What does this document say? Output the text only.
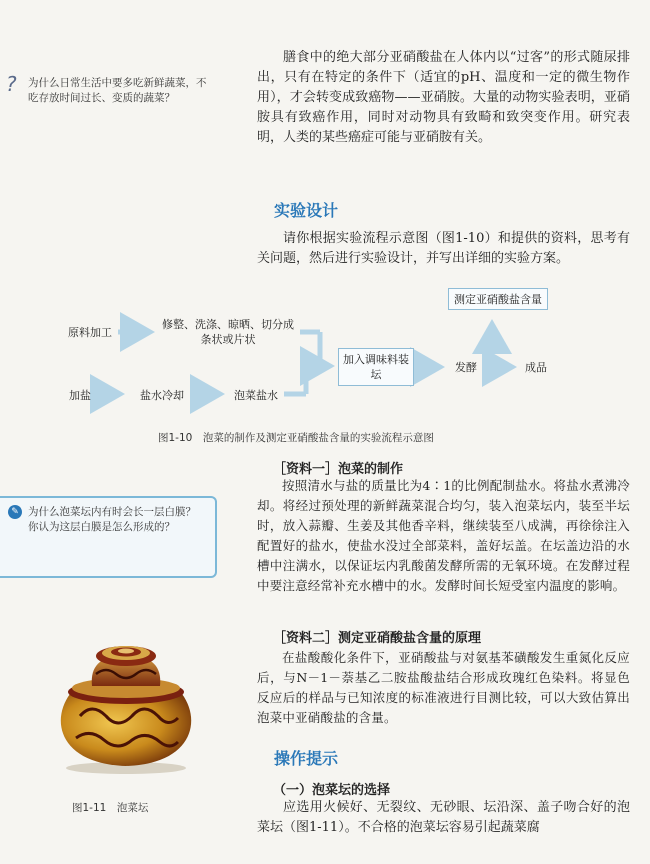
? 为什么日常生活中要多吃新鲜蔬菜，不吃存放时间过长、变质的蔬菜？
膳食中的绝大部分亚硝酸盐在人体内以“过客”的形式随尿排出，只有在特定的条件下（适宜的pH、温度和一定的微生物作用），才会转变成致癌物——亚硝胺。大量的动物实验表明，亚硝胺具有致癌作用，同时对动物具有致畸和致突变作用。研究表明，人类的某些癌症可能与亚硝胺有关。
实验设计
请你根据实验流程示意图（图1-10）和提供的资料，思考有关问题，然后进行实验设计，并写出详细的实验方案。
原料加工
修整、洗涤、晾晒、切分成条状或片状
加盐	盐水冷却	泡菜盐水
加入调味料装坛
发酵	成品
测定亚硝酸盐含量
图1-10　泡菜的制作及测定亚硝酸盐含量的实验流程示意图
✎ 为什么泡菜坛内有时会长一层白膜？你认为这层白膜是怎么形成的？
［资料一］泡菜的制作
按照清水与盐的质量比为4∶1的比例配制盐水。将盐水煮沸冷却。将经过预处理的新鲜蔬菜混合均匀，装入泡菜坛内，装至半坛时，放入蒜瓣、生姜及其他香辛料，继续装至八成满，再徐徐注入配置好的盐水，使盐水没过全部菜料，盖好坛盖。在坛盖边沿的水槽中注满水，以保证坛内乳酸菌发酵所需的无氧环境。在发酵过程中要注意经常补充水槽中的水。发酵时间长短受室内温度的影响。
［资料二］测定亚硝酸盐含量的原理
在盐酸酸化条件下，亚硝酸盐与对氨基苯磺酸发生重氮化反应后，与N－1－萘基乙二胺盐酸盐结合形成玫瑰红色染料。将显色反应后的样品与已知浓度的标准液进行目测比较，可以大致估算出泡菜中亚硝酸盐的含量。
操作提示
（一）泡菜坛的选择
应选用火候好、无裂纹、无砂眼、坛沿深、盖子吻合好的泡菜坛（图1-11）。不合格的泡菜坛容易引起蔬菜腐
图1-11　泡菜坛
